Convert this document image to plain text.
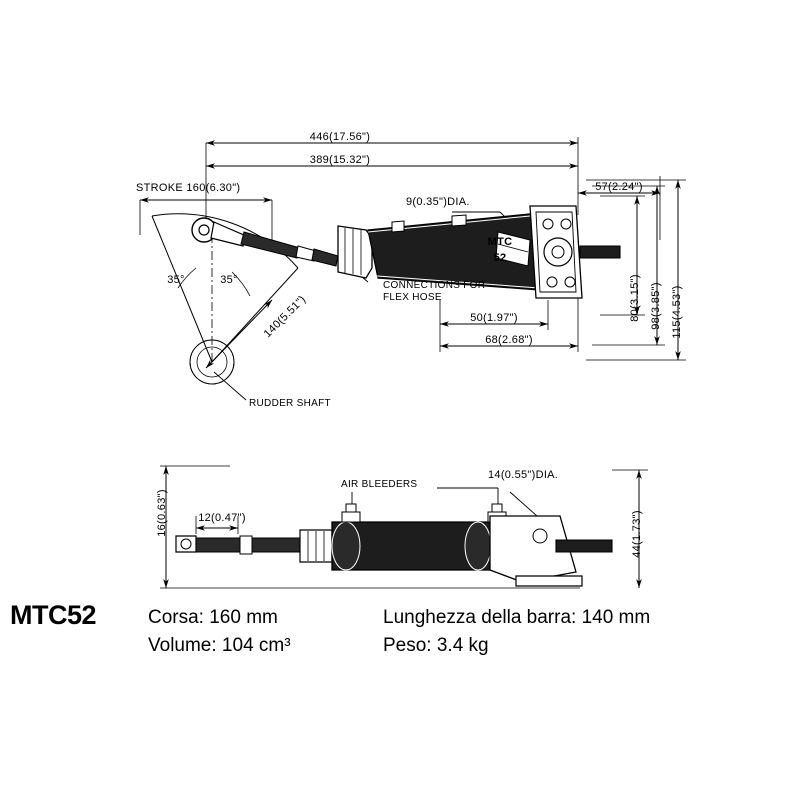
446(17.56")
389(15.32")
57(2.24")
STROKE 160(6.30")
9(0.35")DIA.
MTC
52
CONNECTIONS FOR
FLEX HOSE
RUDDER SHAFT
35°	35°
140(5.51")	50(1.97")
68(2.68")
80(3.15") 98(3.85") 115(4.53")
16(0.63")	12(0.47")
AIR BLEEDERS
14(0.55")DIA.
44(1.73")
MTC52	Corsa: 160 mm
Volume: 104 cm³
Lunghezza della barra: 140 mm
Peso: 3.4 kg
